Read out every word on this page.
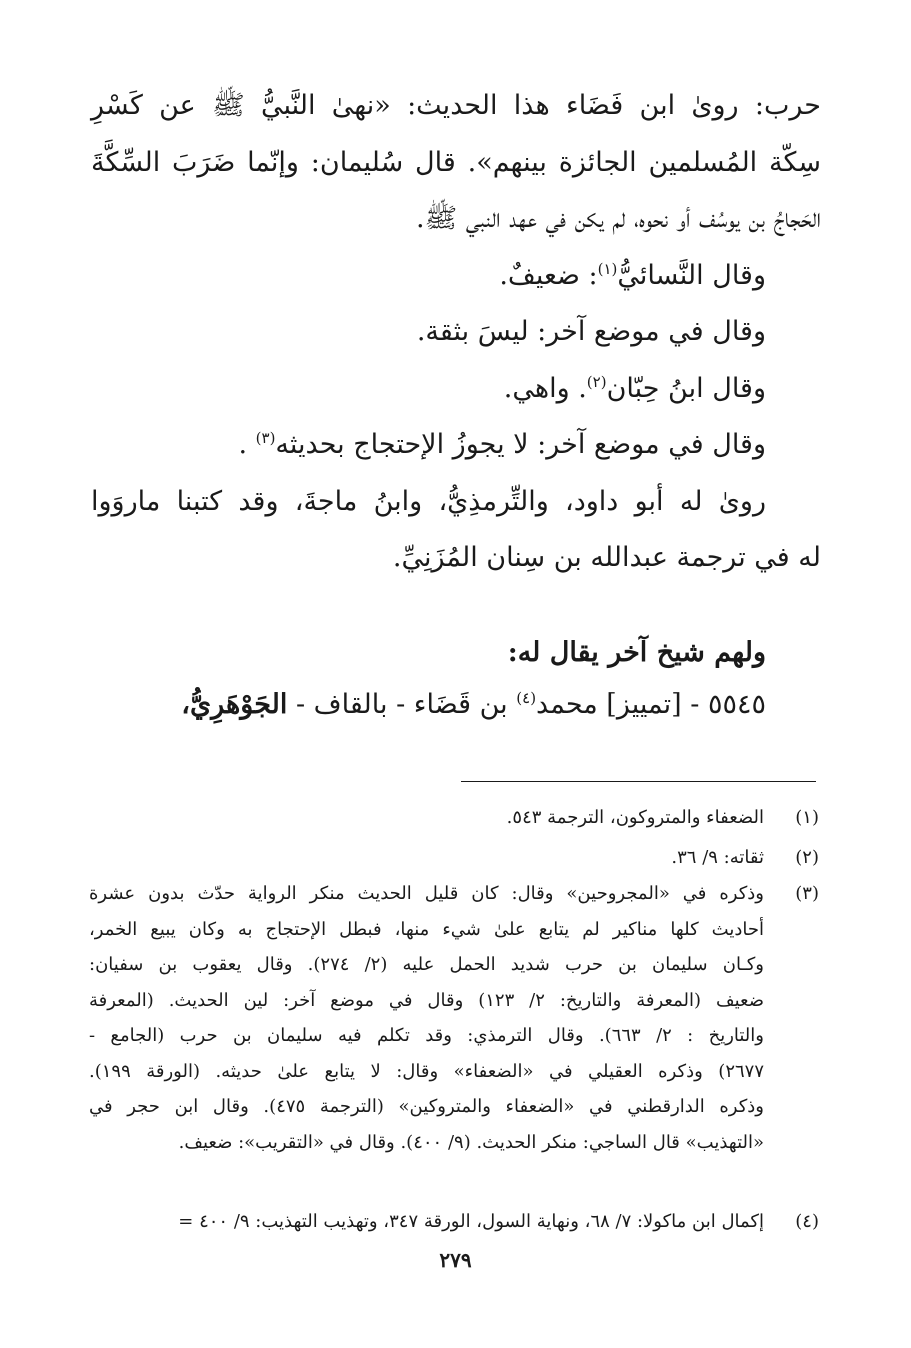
حرب: روىٰ ابن فَضَاء هذا الحديث: «نهىٰ النَّبيُّ ﷺ عن كَسْرِ

سِكّة المُسلمين الجائزة بينهم». قال سُليمان: وإنّما ضَرَبَ السِّكَّةَ

الحَجاجُ بن يوسُف أو نحوه، لم يكن في عهد النبي ﷺ.

وقال النَّسائيُّ$^{(١)}$: ضعيفٌ.

وقال في موضع آخر: ليسَ بثقة.

وقال ابنُ حِبّان$^{(٢)}$. واهي.

وقال في موضع آخر: لا يجوزُ الإحتجاج بحديثه$^{(٣)}$ .

روىٰ له أبو داود، والتِّرمذِيُّ، وابنُ ماجةَ، وقد كتبنا ماروَوا

له في ترجمة عبدالله بن سِنان المُزَنِيِّ.

ولهم شيخ آخر يقال له:

٥٥٤٥ - [تمييز] محمد$^{(٤)}$ بن قَضَاء - بالقاف - الجَوْهَرِيُّ،

(١)
الضعفاء والمتروكون، الترجمة ٥٤٣.
(٢)
ثقاته: ٩/ ٣٦.
(٣)
وذكره في «المجروحين» وقال: كان قليل الحديث منكر الرواية حدّث بدون عشرة
أحاديث كلها مناكير لم يتابع علىٰ شيء منها، فبطل الإحتجاج به وكان يبيع الخمر،
وكـان سليمان بن حرب شديد الحمل عليه (٢/ ٢٧٤). وقال يعقوب بن سفيان:
ضعيف (المعرفة والتاريخ: ٢/ ١٢٣) وقال في موضع آخر: لين الحديث. (المعرفة
والتاريخ : ٢/ ٦٦٣). وقال الترمذي: وقد تكلم فيه سليمان بن حرب (الجامع -
٢٦٧٧) وذكره العقيلي في «الضعفاء» وقال: لا يتابع علىٰ حديثه. (الورقة ١٩٩).
وذكره الدارقطني في «الضعفاء والمتروكين» (الترجمة ٤٧٥). وقال ابن حجر في
«التهذيب» قال الساجي: منكر الحديث. (٩/ ٤٠٠). وقال في «التقريب»: ضعيف.
(٤)
إكمال ابن ماكولا: ٧/ ٦٨، ونهاية السول، الورقة ٣٤٧، وتهذيب التهذيب: ٩/ ٤٠٠ =
٢٧٩
